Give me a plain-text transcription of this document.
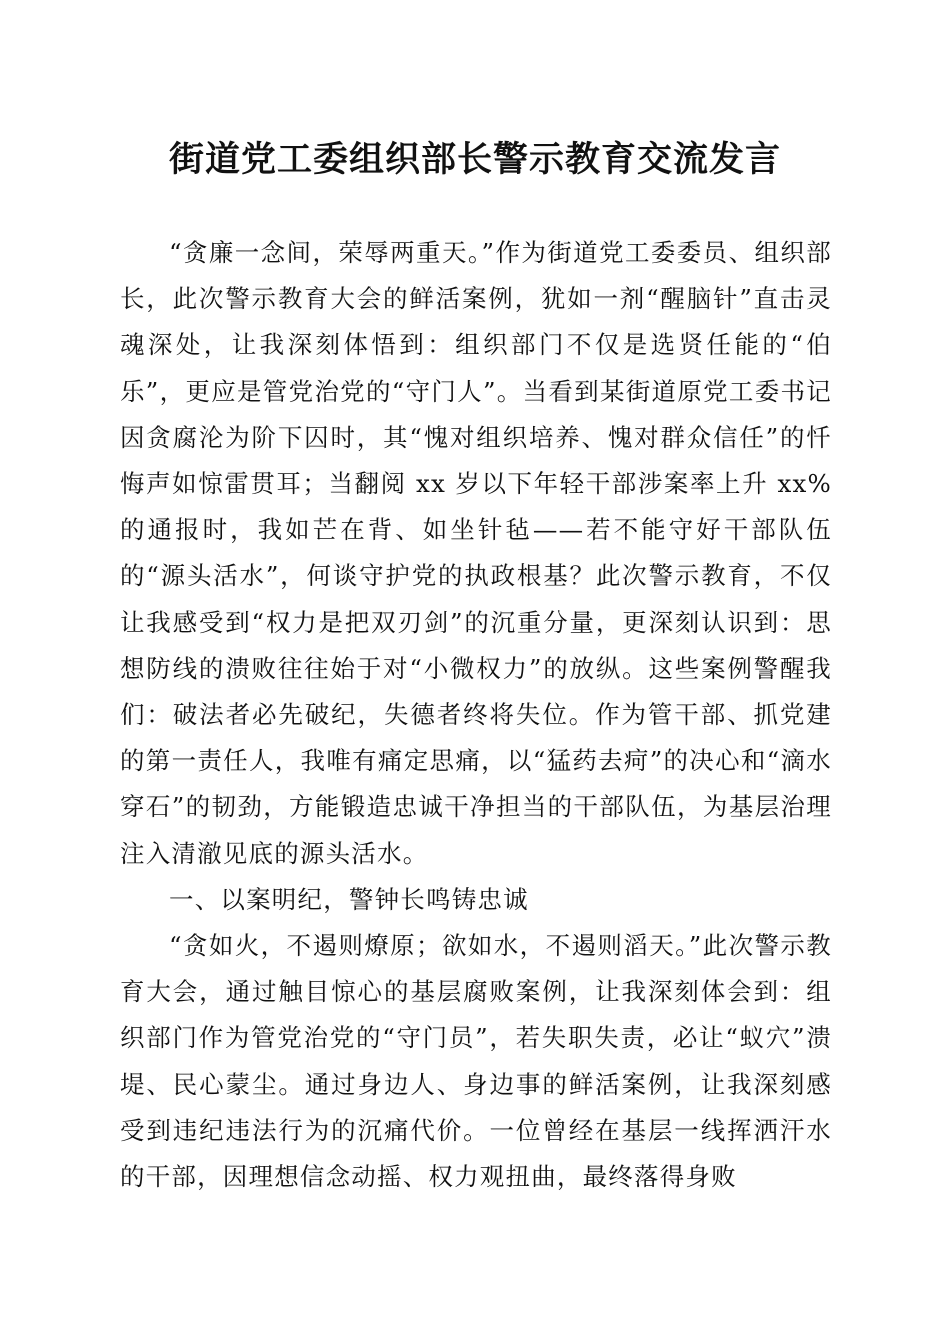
街道党工委组织部长警示教育交流发言

“贪廉一念间，荣辱两重天。”作为街道党工委委员、组织部长，此次警示教育大会的鲜活案例，犹如一剂“醒脑针”直击灵魂深处，让我深刻体悟到：组织部门不仅是选贤任能的“伯乐”，更应是管党治党的“守门人”。当看到某街道原党工委书记因贪腐沦为阶下囚时，其“愧对组织培养、愧对群众信任”的忏悔声如惊雷贯耳；当翻阅 xx 岁以下年轻干部涉案率上升 xx%的通报时，我如芒在背、如坐针毡——若不能守好干部队伍的“源头活水”，何谈守护党的执政根基？此次警示教育，不仅让我感受到“权力是把双刃剑”的沉重分量，更深刻认识到：思想防线的溃败往往始于对“小微权力”的放纵。这些案例警醒我们：破法者必先破纪，失德者终将失位。作为管干部、抓党建的第一责任人，我唯有痛定思痛，以“猛药去疴”的决心和“滴水穿石”的韧劲，方能锻造忠诚干净担当的干部队伍，为基层治理注入清澈见底的源头活水。

一、以案明纪，警钟长鸣铸忠诚

“贪如火，不遏则燎原；欲如水，不遏则滔天。”此次警示教育大会，通过触目惊心的基层腐败案例，让我深刻体会到：组织部门作为管党治党的“守门员”，若失职失责，必让“蚁穴”溃堤、民心蒙尘。通过身边人、身边事的鲜活案例，让我深刻感受到违纪违法行为的沉痛代价。一位曾经在基层一线挥洒汗水的干部，因理想信念动摇、权力观扭曲，最终落得身败
